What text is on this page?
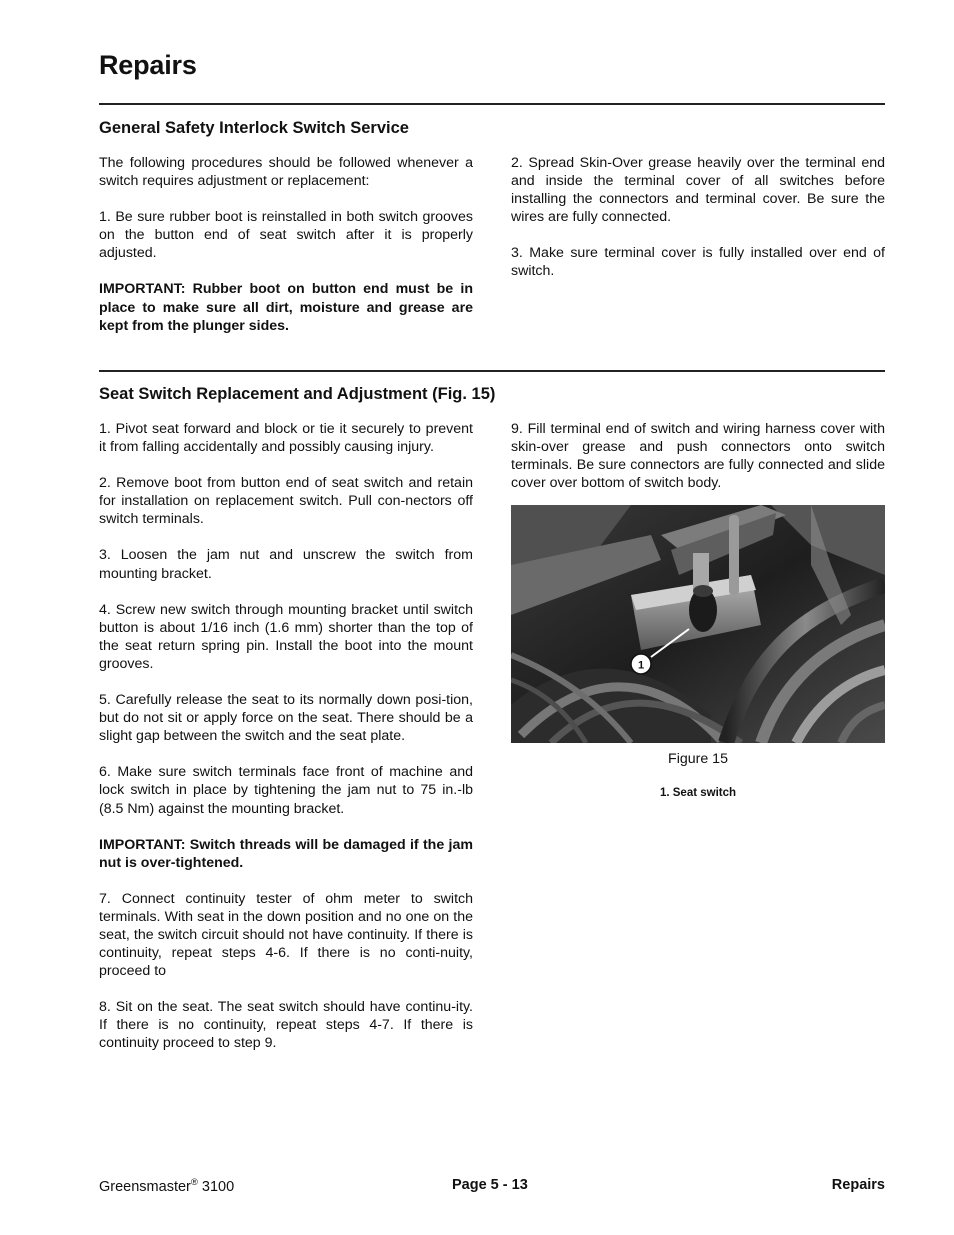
Repairs
General Safety Interlock Switch Service

The following procedures should be followed whenever a switch requires adjustment or replacement:

1. Be sure rubber boot is reinstalled in both switch grooves on the button end of seat switch after it is properly adjusted.

IMPORTANT: Rubber boot on button end must be in place to make sure all dirt, moisture and grease are kept from the plunger sides.

2. Spread Skin-Over grease heavily over the terminal end and inside the terminal cover of all switches before installing the connectors and terminal cover. Be sure the wires are fully connected.

3. Make sure terminal cover is fully installed over end of switch.

Seat Switch Replacement and Adjustment (Fig. 15)

1. Pivot seat forward and block or tie it securely to prevent it from falling accidentally and possibly causing injury.

2. Remove boot from button end of seat switch and retain for installation on replacement switch. Pull con-nectors off switch terminals.

3. Loosen the jam nut and unscrew the switch from mounting bracket.

4. Screw new switch through mounting bracket until switch button is about 1/16 inch (1.6 mm) shorter than the top of the seat return spring pin. Install the boot into the mount grooves.

5. Carefully release the seat to its normally down posi-tion, but do not sit or apply force on the seat. There should be a slight gap between the switch and the seat plate.

6. Make sure switch terminals face front of machine and lock switch in place by tightening the jam nut to 75 in.-lb (8.5 Nm) against the mounting bracket.

IMPORTANT: Switch threads will be damaged if the jam nut is over-tightened.

7. Connect continuity tester of ohm meter to switch terminals. With seat in the down position and no one on the seat, the switch circuit should not have continuity. If there is continuity, repeat steps 4-6. If there is no conti-nuity, proceed to

8. Sit on the seat. The seat switch should have continu-ity. If there is no continuity, repeat steps 4-7. If there is continuity proceed to step 9.

9. Fill terminal end of switch and wiring harness cover with skin-over grease and push connectors onto switch terminals. Be sure connectors are fully connected and slide cover over bottom of switch body.

1
Figure 15
1. Seat switch
Greensmaster® 3100	Page 5 - 13	Repairs
